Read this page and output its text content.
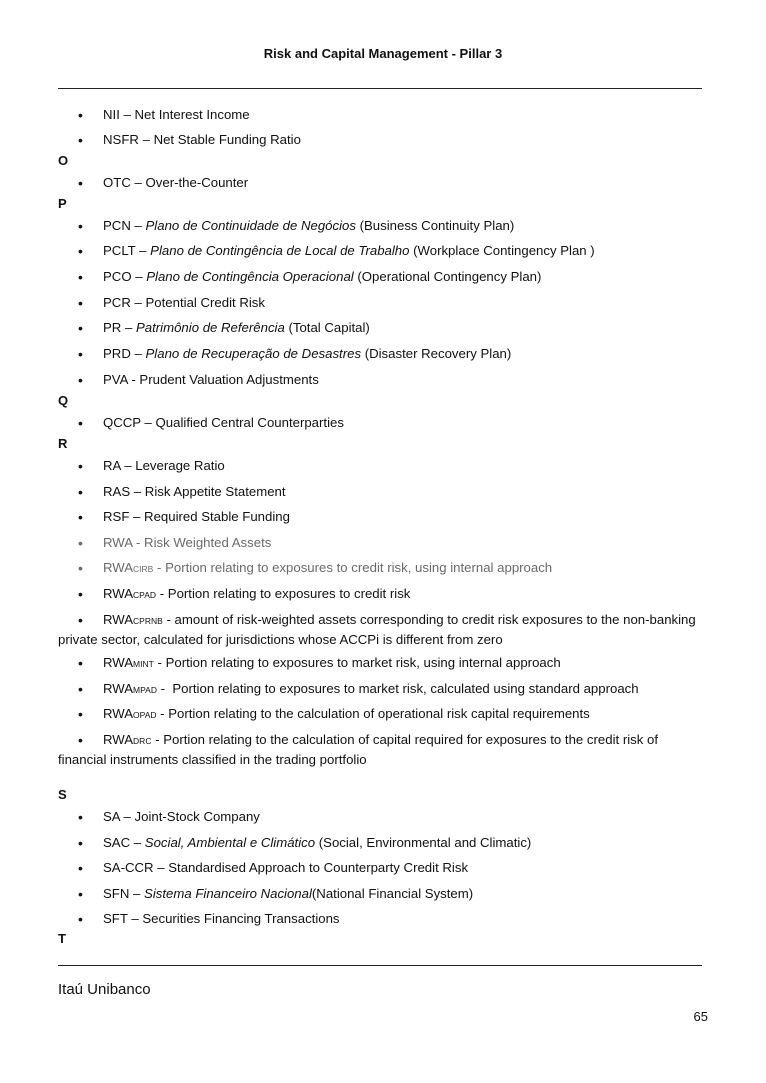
Risk and Capital Management - Pillar 3
• NII – Net Interest Income
• NSFR – Net Stable Funding Ratio
O
• OTC – Over-the-Counter
P
• PCN – Plano de Continuidade de Negócios (Business Continuity Plan)
• PCLT – Plano de Contingência de Local de Trabalho (Workplace Contingency Plan )
• PCO – Plano de Contingência Operacional (Operational Contingency Plan)
• PCR – Potential Credit Risk
• PR – Patrimônio de Referência (Total Capital)
• PRD – Plano de Recuperação de Desastres (Disaster Recovery Plan)
• PVA - Prudent Valuation Adjustments
Q
• QCCP – Qualified Central Counterparties
R
• RA – Leverage Ratio
• RAS – Risk Appetite Statement
• RSF – Required Stable Funding
• RWA - Risk Weighted Assets
• RWACIRB - Portion relating to exposures to credit risk, using internal approach
• RWACPAD - Portion relating to exposures to credit risk
• RWACPRNB - amount of risk-weighted assets corresponding to credit risk exposures to the non-banking private sector, calculated for jurisdictions whose ACCPi is different from zero
• RWAMINT - Portion relating to exposures to market risk, using internal approach
• RWAMPAD -  Portion relating to exposures to market risk, calculated using standard approach
• RWAOPAD - Portion relating to the calculation of operational risk capital requirements
• RWADRC - Portion relating to the calculation of capital required for exposures to the credit risk of financial instruments classified in the trading portfolio
S
• SA – Joint-Stock Company
• SAC – Social, Ambiental e Climático (Social, Environmental and Climatic)
• SA-CCR – Standardised Approach to Counterparty Credit Risk
• SFN – Sistema Financeiro Nacional(National Financial System)
• SFT – Securities Financing Transactions
T
Itaú Unibanco
65
